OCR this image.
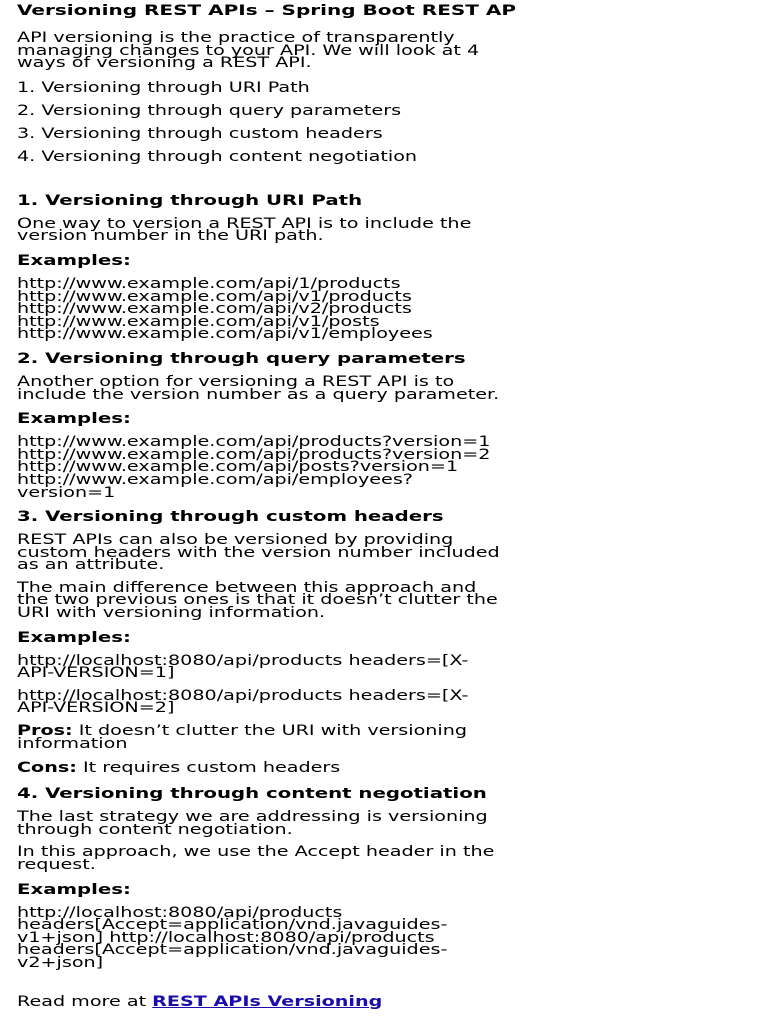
Versioning REST APIs – Spring Boot REST AP
API versioning is the practice of transparently
managing changes to your API. We will look at 4
ways of versioning a REST API.
1. Versioning through URI Path
2. Versioning through query parameters
3. Versioning through custom headers
4. Versioning through content negotiation
1. Versioning through URI Path
One way to version a REST API is to include the
version number in the URI path.
Examples:
http://www.example.com/api/1/products
http://www.example.com/api/v1/products
http://www.example.com/api/v2/products
http://www.example.com/api/v1/posts
http://www.example.com/api/v1/employees
2. Versioning through query parameters
Another option for versioning a REST API is to
include the version number as a query parameter.
Examples:
http://www.example.com/api/products?version=1
http://www.example.com/api/products?version=2
http://www.example.com/api/posts?version=1
http://www.example.com/api/employees?
version=1
3. Versioning through custom headers
REST APIs can also be versioned by providing
custom headers with the version number included
as an attribute.
The main difference between this approach and
the two previous ones is that it doesn’t clutter the
URI with versioning information.
Examples:
http://localhost:8080/api/products headers=[X-
API-VERSION=1]
http://localhost:8080/api/products headers=[X-
API-VERSION=2]
Pros: It doesn’t clutter the URI with versioning
information
Cons: It requires custom headers
4. Versioning through content negotiation
The last strategy we are addressing is versioning
through content negotiation.
In this approach, we use the Accept header in the
request.
Examples:
http://localhost:8080/api/products
headers[Accept=application/vnd.javaguides-
v1+json] http://localhost:8080/api/products
headers[Accept=application/vnd.javaguides-
v2+json]
Read more at REST APIs Versioning
